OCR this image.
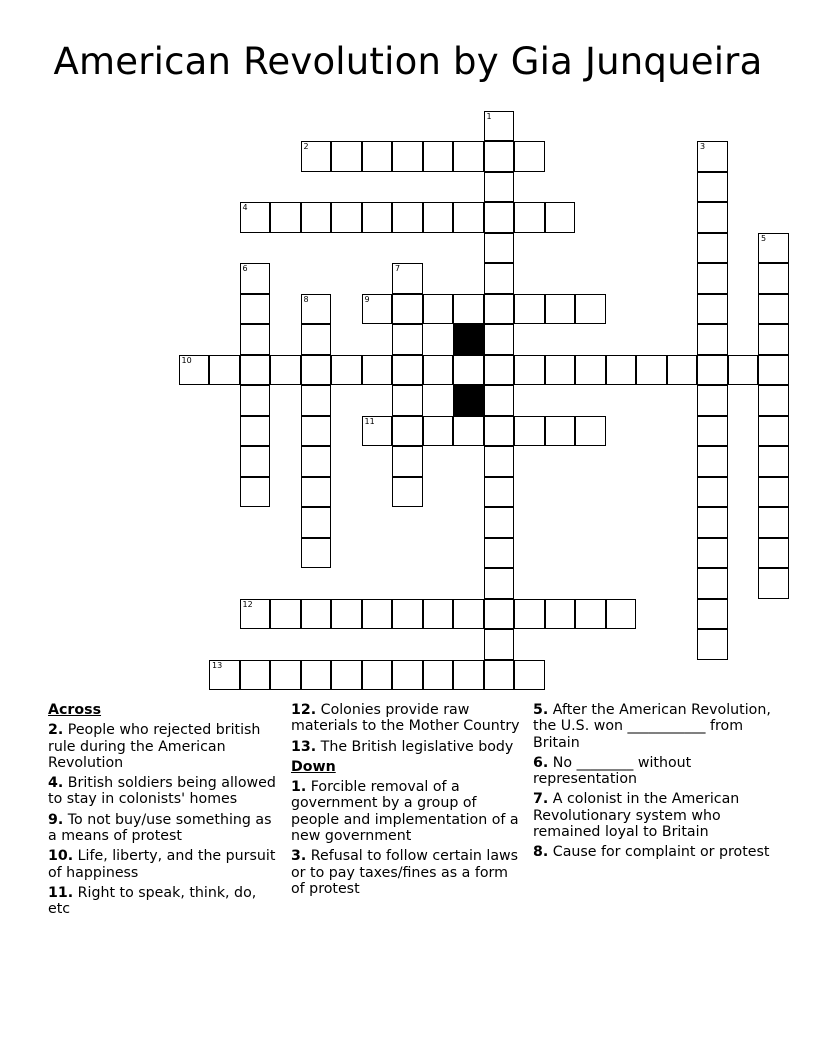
American Revolution by Gia Junqueira
1
2	3
4
5
6	7
8	9
10
11
12
13
Across
2. People who rejected british rule during the American Revolution
4. British soldiers being allowed to stay in colonists' homes
9. To not buy/use something as a means of protest
10. Life, liberty, and the pursuit of happiness
11. Right to speak, think, do, etc
12. Colonies provide raw materials to the Mother Country
13. The British legislative body
Down
1. Forcible removal of a government by a group of people and implementation of a new government
3. Refusal to follow certain laws or to pay taxes/fines as a form of protest
5. After the American Revolution, the U.S. won ___________ from Britain
6. No ________ without representation
7. A colonist in the American Revolutionary system who remained loyal to Britain
8. Cause for complaint or protest
